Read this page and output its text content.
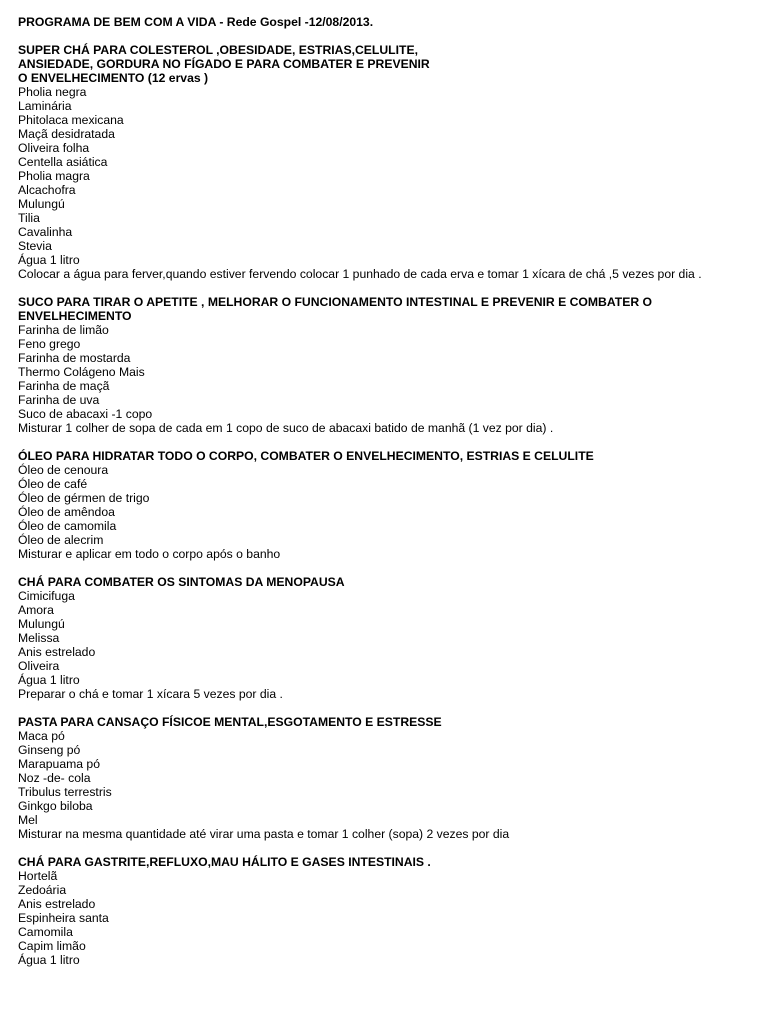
PROGRAMA DE BEM COM A VIDA - Rede Gospel -12/08/2013.
SUPER CHÁ PARA COLESTEROL ,OBESIDADE, ESTRIAS,CELULITE,
ANSIEDADE, GORDURA NO FÍGADO E PARA COMBATER E PREVENIR
O ENVELHECIMENTO (12 ervas )
Pholia negra
Laminária
Phitolaca mexicana
Maçã desidratada
Oliveira folha
Centella asiática
Pholia magra
Alcachofra
Mulungú
Tilia
Cavalinha
Stevia
Água 1 litro
Colocar a água para ferver,quando estiver fervendo colocar 1 punhado de cada erva e tomar 1 xícara de chá ,5 vezes por dia .
SUCO PARA TIRAR O APETITE , MELHORAR O FUNCIONAMENTO INTESTINAL E PREVENIR E COMBATER O
ENVELHECIMENTO
Farinha de limão
Feno grego
Farinha de mostarda
Thermo Colágeno Mais
Farinha de maçã
Farinha de uva
Suco de abacaxi -1 copo
Misturar 1 colher de sopa de cada em 1 copo de suco de abacaxi batido de manhã (1 vez por dia) .
ÓLEO PARA HIDRATAR TODO O CORPO, COMBATER O ENVELHECIMENTO, ESTRIAS E CELULITE
Óleo de cenoura
Óleo de café
Óleo de gérmen de trigo
Óleo de amêndoa
Óleo de camomila
Óleo de alecrim
Misturar e aplicar em todo o corpo após o banho
CHÁ PARA COMBATER OS SINTOMAS DA MENOPAUSA
Cimicifuga
Amora
Mulungú
Melissa
Anis estrelado
Oliveira
Água 1 litro
Preparar o chá e tomar 1 xícara 5 vezes por dia .
PASTA PARA CANSAÇO FÍSICOE MENTAL,ESGOTAMENTO E ESTRESSE
Maca pó
Ginseng pó
Marapuama pó
Noz -de- cola
Tribulus terrestris
Ginkgo biloba
Mel
Misturar na mesma quantidade até virar uma pasta e tomar 1 colher (sopa) 2 vezes por dia
CHÁ PARA GASTRITE,REFLUXO,MAU HÁLITO E GASES INTESTINAIS .
Hortelã
Zedoária
Anis estrelado
Espinheira santa
Camomila
Capim limão
Água 1 litro
